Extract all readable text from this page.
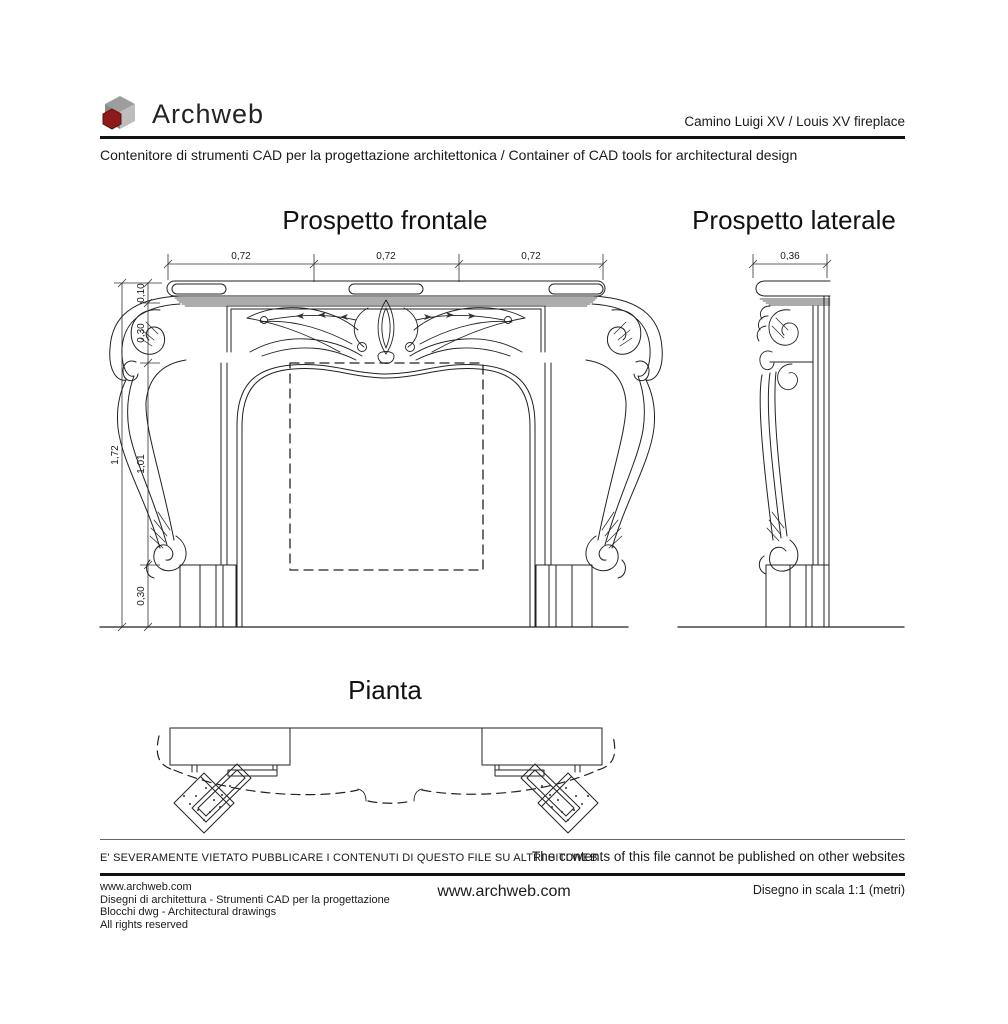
Archweb	Camino Luigi XV / Louis XV fireplace
Contenitore di strumenti CAD per la progettazione architettonica / Container of CAD tools for architectural design
Prospetto frontale	Prospetto laterale
Pianta
0,72	0,72	0,72
0,10
0,30
1,01
0,30
1,72
0,36
E' SEVERAMENTE VIETATO PUBBLICARE I CONTENUTI DI QUESTO FILE SU ALTRI SITI WEB
The contents of this file cannot be published on other websites
www.archweb.com
Disegni di architettura - Strumenti CAD per la progettazione
Blocchi dwg - Architectural drawings
All rights reserved
www.archweb.com	Disegno in scala 1:1 (metri)
